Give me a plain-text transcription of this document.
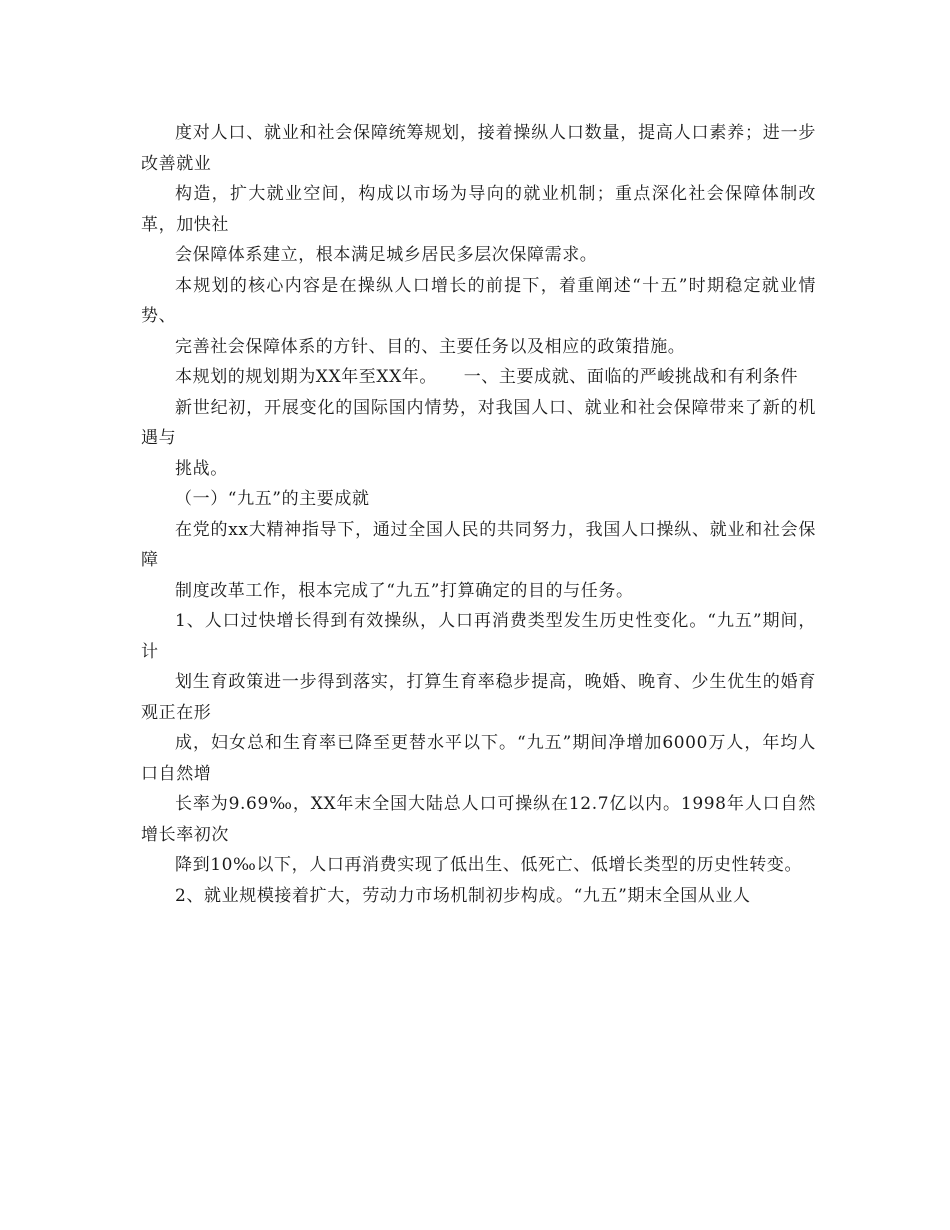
度对人口、就业和社会保障统筹规划，接着操纵人口数量，提高人口素养；进一步改善就业

构造，扩大就业空间，构成以市场为导向的就业机制；重点深化社会保障体制改革，加快社

会保障体系建立，根本满足城乡居民多层次保障需求。

本规划的核心内容是在操纵人口增长的前提下，着重阐述“十五”时期稳定就业情势、

完善社会保障体系的方针、目的、主要任务以及相应的政策措施。

本规划的规划期为XX年至XX年。　　一、主要成就、面临的严峻挑战和有利条件

新世纪初，开展变化的国际国内情势，对我国人口、就业和社会保障带来了新的机遇与

挑战。

（一）“九五”的主要成就

在党的xx大精神指导下，通过全国人民的共同努力，我国人口操纵、就业和社会保障

制度改革工作，根本完成了“九五”打算确定的目的与任务。

1、人口过快增长得到有效操纵，人口再消费类型发生历史性变化。“九五”期间，计

划生育政策进一步得到落实，打算生育率稳步提高，晚婚、晚育、少生优生的婚育观正在形

成，妇女总和生育率已降至更替水平以下。“九五”期间净增加6000万人，年均人口自然增

长率为9.69‰，XX年末全国大陆总人口可操纵在12.7亿以内。1998年人口自然增长率初次

降到10‰以下，人口再消费实现了低出生、低死亡、低增长类型的历史性转变。

2、就业规模接着扩大，劳动力市场机制初步构成。“九五”期末全国从业人
